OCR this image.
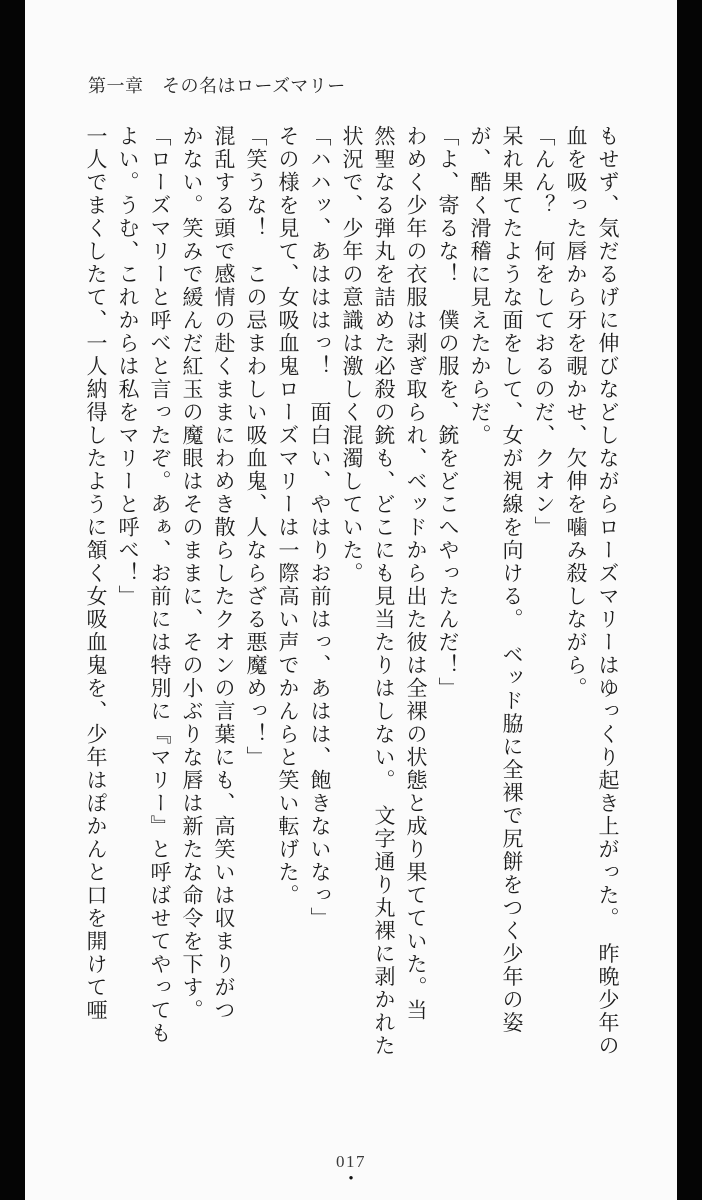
第一章　その名はローズマリー
もせず、気だるげに伸びなどしながらローズマリーはゆっくり起き上がった。　昨晩少年の
血を吸った唇から牙を覗かせ、欠伸を噛み殺しながら。
「んん？　何をしておるのだ、クオン」
呆れ果てたような面をして、女が視線を向ける。　ベッド脇に全裸で尻餅をつく少年の姿
が、酷く滑稽に見えたからだ。
「よ、寄るな！　僕の服を、銃をどこへやったんだ！」
わめく少年の衣服は剥ぎ取られ、ベッドから出た彼は全裸の状態と成り果てていた。当
然聖なる弾丸を詰めた必殺の銃も、どこにも見当たりはしない。　文字通り丸裸に剥かれた
状況で、少年の意識は激しく混濁していた。
「ハハッ、あはははっ！　面白い、やはりお前はっ、あはは、飽きないなっ」
その様を見て、女吸血鬼ローズマリーは一際高い声でかんらと笑い転げた。
「笑うな！　この忌まわしい吸血鬼、人ならざる悪魔めっ！」
混乱する頭で感情の赴くままにわめき散らしたクオンの言葉にも、高笑いは収まりがつ
かない。笑みで緩んだ紅玉の魔眼はそのままに、その小ぶりな唇は新たな命令を下す。
「ローズマリーと呼べと言ったぞ。あぁ、お前には特別に『マリー』と呼ばせてやっても
よい。うむ、これからは私をマリーと呼べ！」
一人でまくしたて、一人納得したように頷く女吸血鬼を、少年はぽかんと口を開けて唖
017
●
